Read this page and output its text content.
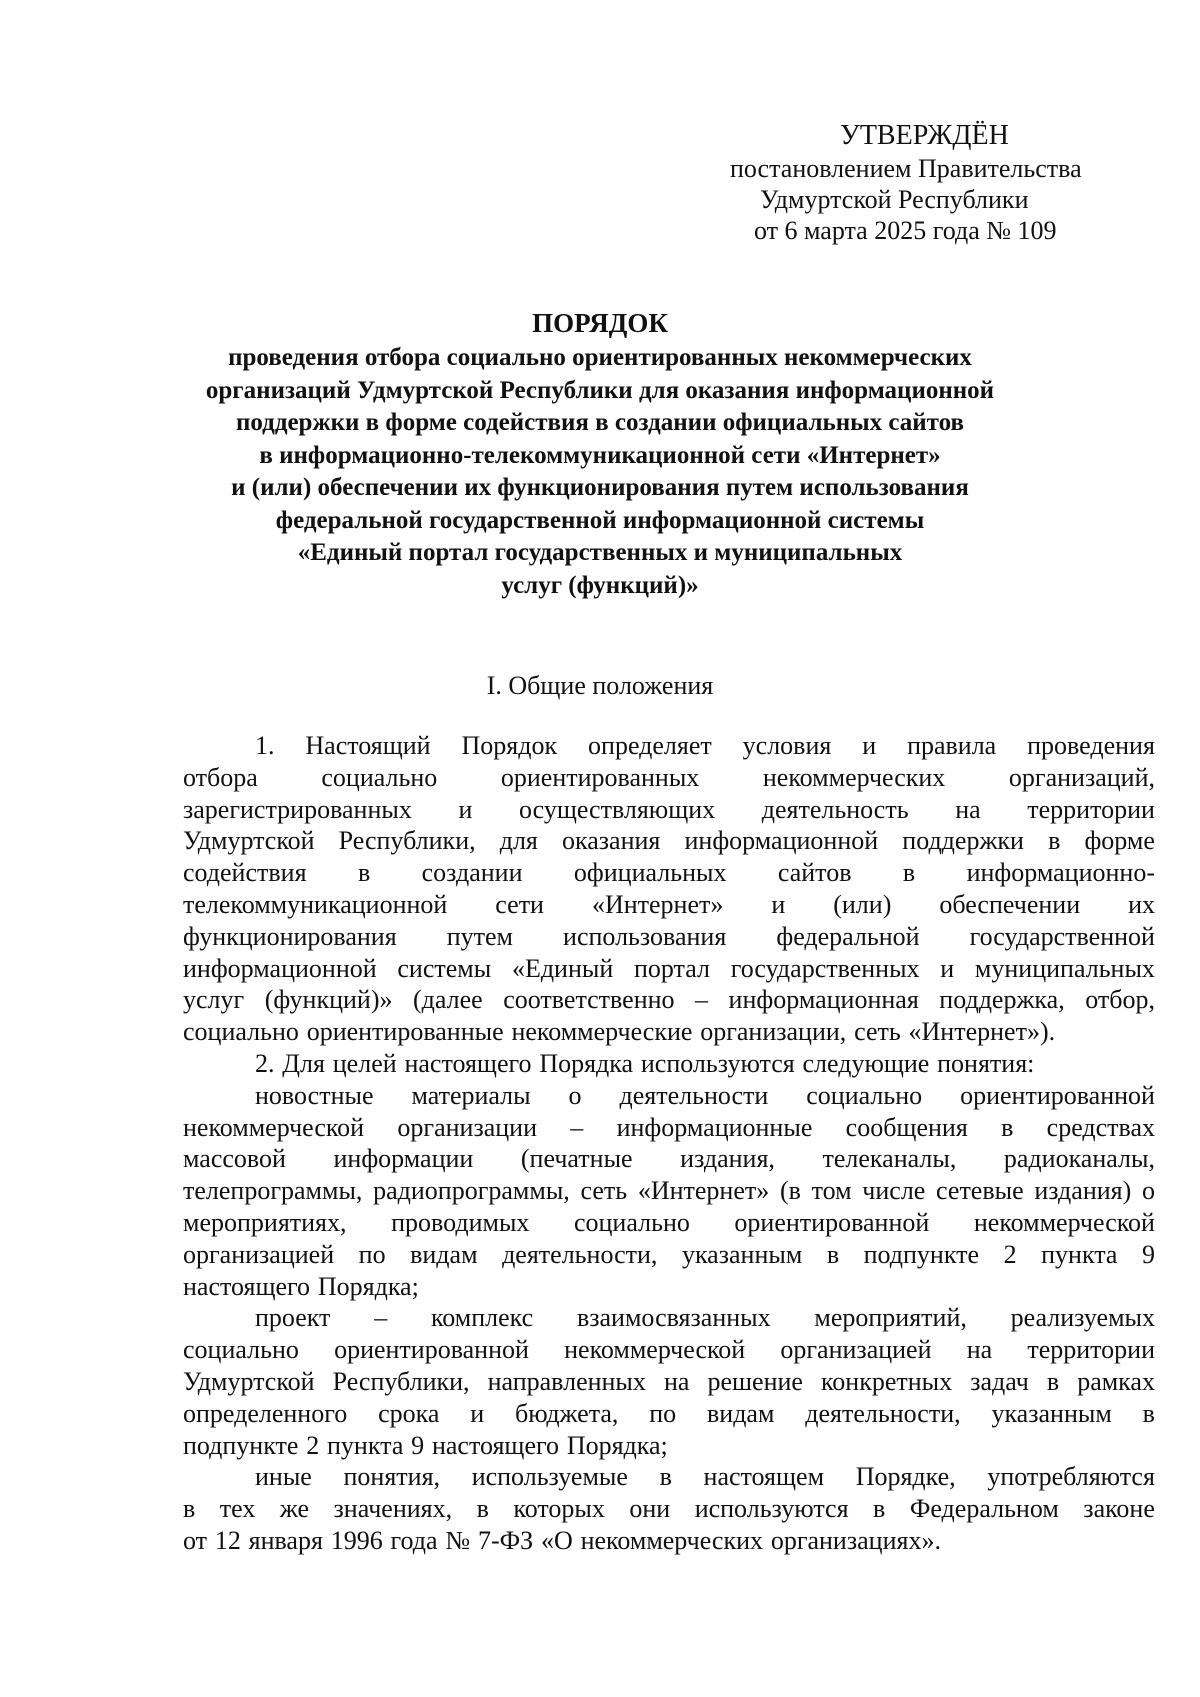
УТВЕРЖДЁН
постановлением Правительства
Удмуртской Республики
от 6 марта 2025 года № 109
ПОРЯДОК
проведения отбора социально ориентированных некоммерческих
организаций Удмуртской Республики для оказания информационной
поддержки в форме содействия в создании официальных сайтов
в информационно-телекоммуникационной сети «Интернет»
и (или) обеспечении их функционирования путем использования
федеральной государственной информационной системы
«Единый портал государственных и муниципальных
услуг (функций)»
I. Общие положения
1. Настоящий Порядок определяет условия и правила проведения
отбора социально ориентированных некоммерческих организаций,
зарегистрированных и осуществляющих деятельность на территории
Удмуртской Республики, для оказания информационной поддержки в форме
содействия в создании официальных сайтов в информационно-
телекоммуникационной сети «Интернет» и (или) обеспечении их
функционирования путем использования федеральной государственной
информационной системы «Единый портал государственных и муниципальных
услуг (функций)» (далее соответственно – информационная поддержка, отбор,
социально ориентированные некоммерческие организации, сеть «Интернет»).
2. Для целей настоящего Порядка используются следующие понятия:
новостные материалы о деятельности социально ориентированной
некоммерческой организации – информационные сообщения в средствах
массовой информации (печатные издания, телеканалы, радиоканалы,
телепрограммы, радиопрограммы, сеть «Интернет» (в том числе сетевые издания) о
мероприятиях, проводимых социально ориентированной некоммерческой
организацией по видам деятельности, указанным в подпункте 2 пункта 9
настоящего Порядка;
проект – комплекс взаимосвязанных мероприятий, реализуемых
социально ориентированной некоммерческой организацией на территории
Удмуртской Республики, направленных на решение конкретных задач в рамках
определенного срока и бюджета, по видам деятельности, указанным в
подпункте 2 пункта 9 настоящего Порядка;
иные понятия, используемые в настоящем Порядке, употребляются
в тех же значениях, в которых они используются в Федеральном законе
от 12 января 1996 года № 7-ФЗ «О некоммерческих организациях».
